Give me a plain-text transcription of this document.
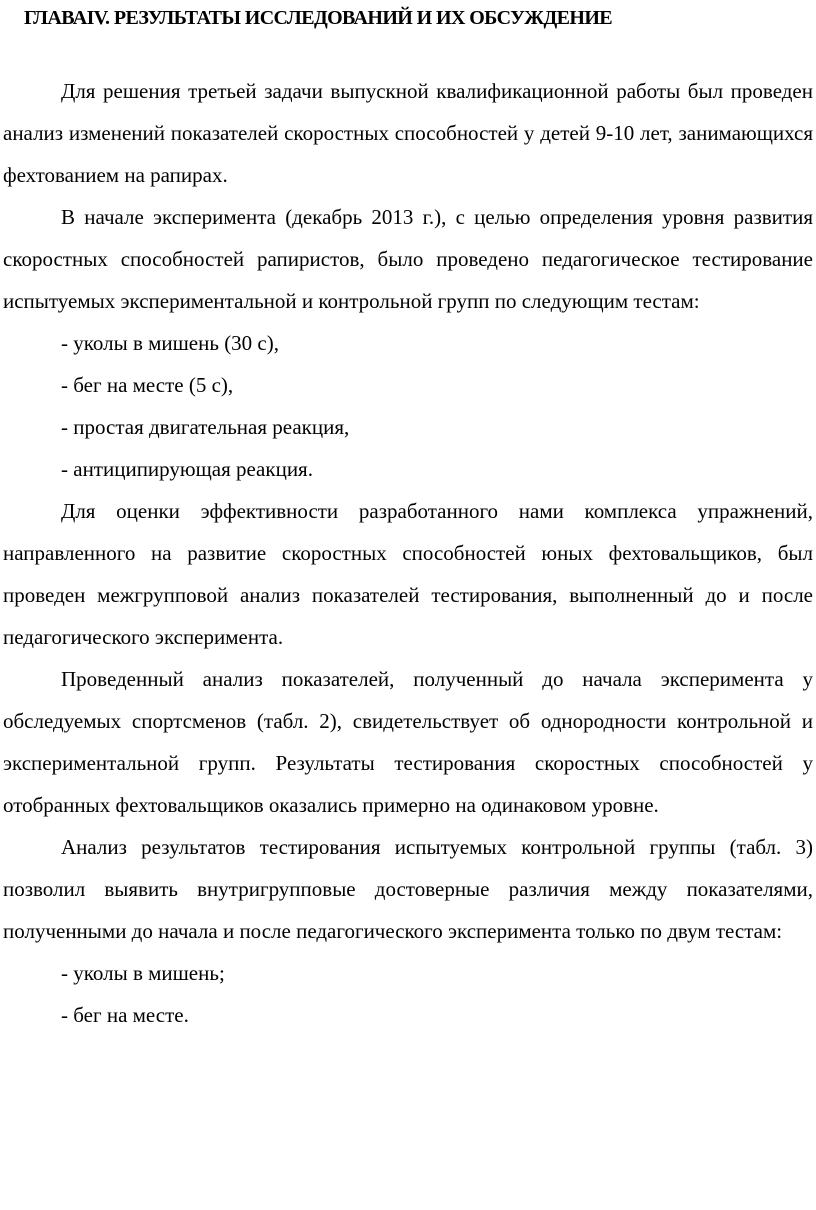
ГЛАВАIV. РЕЗУЛЬТАТЫ ИССЛЕДОВАНИЙ И ИХ ОБСУЖДЕНИЕ

Для решения третьей задачи выпускной квалификационной работы был проведен анализ изменений показателей скоростных способностей у детей 9-10 лет, занимающихся фехтованием на рапирах.

В начале эксперимента (декабрь 2013 г.), с целью определения уровня развития скоростных способностей рапиристов, было проведено педагогическое тестирование испытуемых экспериментальной и контрольной групп по следующим тестам:

- уколы в мишень (30 с),
- бег на месте (5 с),
- простая двигательная реакция,
- антиципирующая реакция.

Для оценки эффективности разработанного нами комплекса упражнений, направленного на развитие скоростных способностей юных фехтовальщиков, был проведен межгрупповой анализ показателей тестирования, выполненный до и после педагогического эксперимента.

Проведенный анализ показателей, полученный до начала эксперимента у обследуемых спортсменов (табл. 2), свидетельствует об однородности контрольной и экспериментальной групп. Результаты тестирования скоростных способностей у отобранных фехтовальщиков оказались примерно на одинаковом уровне.

Анализ результатов тестирования испытуемых контрольной группы (табл. 3) позволил выявить внутригрупповые достоверные различия между показателями, полученными до начала и после педагогического эксперимента только по двум тестам:

- уколы в мишень;
- бег на месте.
